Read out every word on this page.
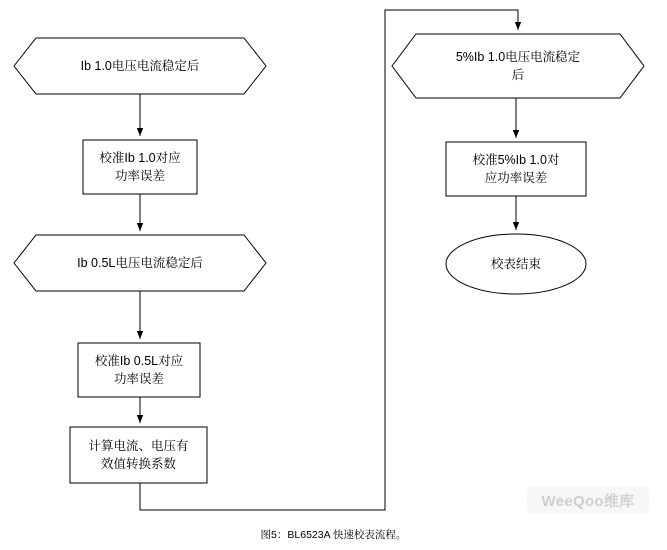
Ib 1.0电压电流稳定后
校准Ib 1.0对应
功率误差
Ib 0.5L电压电流稳定后
校准Ib 0.5L对应
功率误差
计算电流、电压有
效值转换系数
5%Ib 1.0电压电流稳定
后
校准5%Ib 1.0对
应功率误差
校表结束
WeeQoo维库
图5：BL6523A 快速校表流程。
